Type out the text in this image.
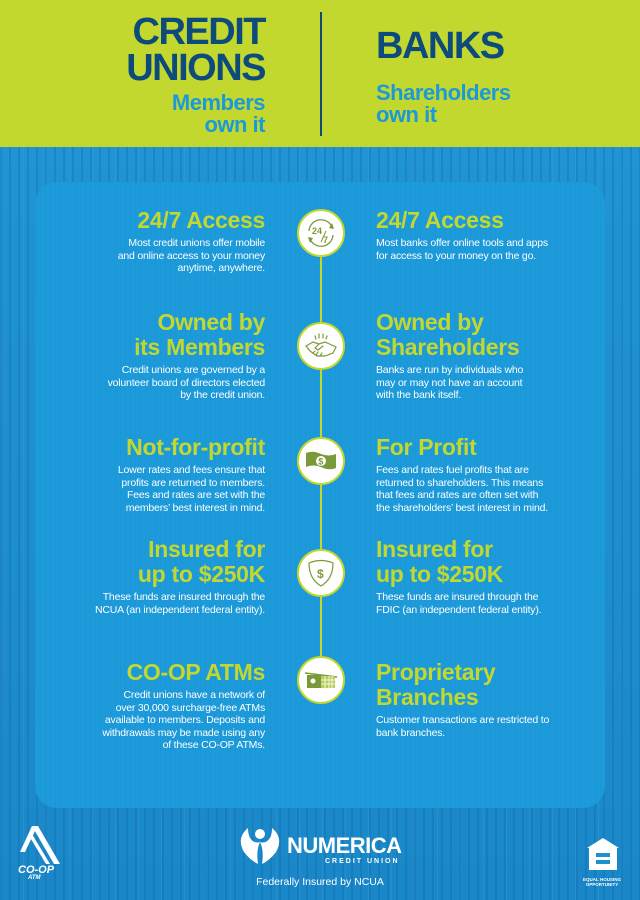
CREDIT
UNIONS
Members
own it
BANKS
Shareholders
own it
24/7 Access
Most credit unions offer mobile
and online access to your money
anytime, anywhere.
24/7 Access
Most banks offer online tools and apps
for access to your money on the go.
24
7
Owned by
its Members
Credit unions are governed by a
volunteer board of directors elected
by the credit union.
Owned by
Shareholders
Banks are run by individuals who
may or may not have an account
with the bank itself.
Not-for-profit
Lower rates and fees ensure that
profits are returned to members.
Fees and rates are set with the
members’ best interest in mind.
For Profit
Fees and rates fuel profits that are
returned to shareholders. This means
that fees and rates are often set with
the shareholders’ best interest in mind.
$
Insured for
up to $250K
These funds are insured through the
NCUA (an independent federal entity).
Insured for
up to $250K
These funds are insured through the
FDIC (an independent federal entity).
$
CO-OP ATMs
Credit unions have a network of
over 30,000 surcharge-free ATMs
available to members. Deposits and
withdrawals may be made using any
of these CO-OP ATMs.
Proprietary
Branches
Customer transactions are restricted to
bank branches.
CO-OP
ATM
NUMERICA
CREDIT UNION
Federally Insured by NCUA	EQUAL HOUSING
OPPORTUNITY
